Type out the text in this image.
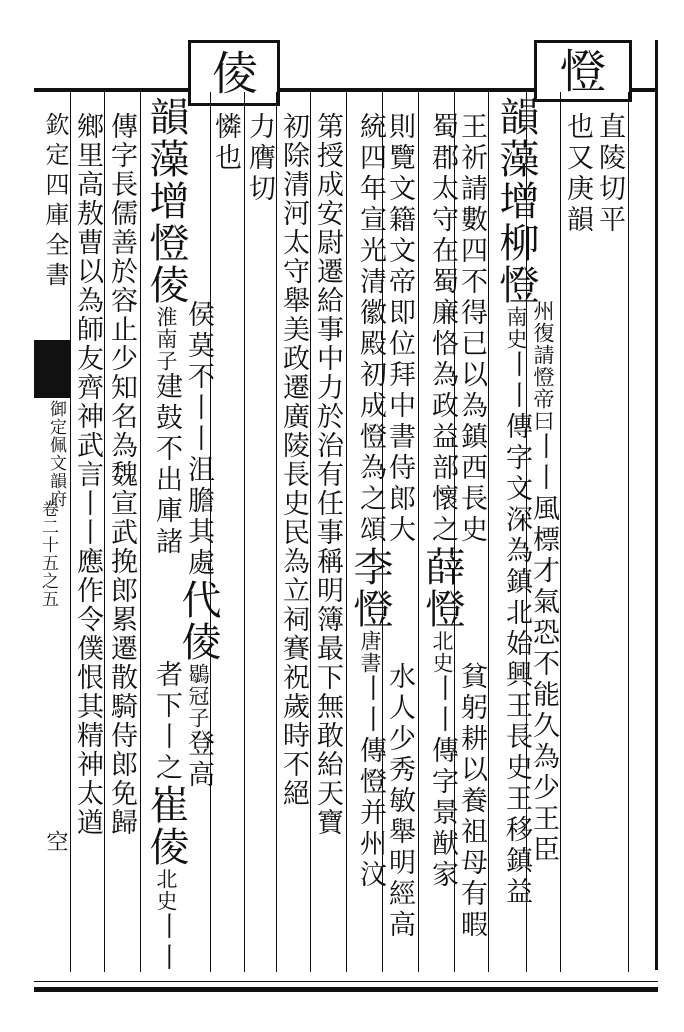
憕
倰
直陵切平
也又庚韻
韻藻增柳憕南史丨丨傳字文深為鎮北始興王長史王移鎮益 州復請憕帝曰丨丨風標才氣恐不能久為少王臣
王祈請數四不得已以為鎮西長史
蜀郡太守在蜀廉恪為政益部懷之薛憕北史丨丨傳字景猷家
貧躬耕以養祖母有暇
則覽文籍文帝即位拜中書侍郎大
統四年宣光清徽殿初成憕為之頌李憕唐書丨丨傳憕并州汶
水人少秀敏舉明經高
第授成安尉遷給事中力於治有任事稱明簿最下無敢紿天寶
初除清河太守舉美政遷廣陵長史民為立祠賽祝歲時不絕
力膺切
憐也
韻藻增憕倰淮南子建鼓不出庫諸 侯莫不丨丨沮膽其處代倰鶡冠子登高
者下丨之崔倰北史丨丨
傳字長儒善於容止少知名為魏宣武挽郎累遷散騎侍郎免歸
鄉里高敖曹以為師友齊神武言丨丨應作令僕恨其精神太遒
欽定四庫全書
御定佩文韻府
卷二十五之五
空
